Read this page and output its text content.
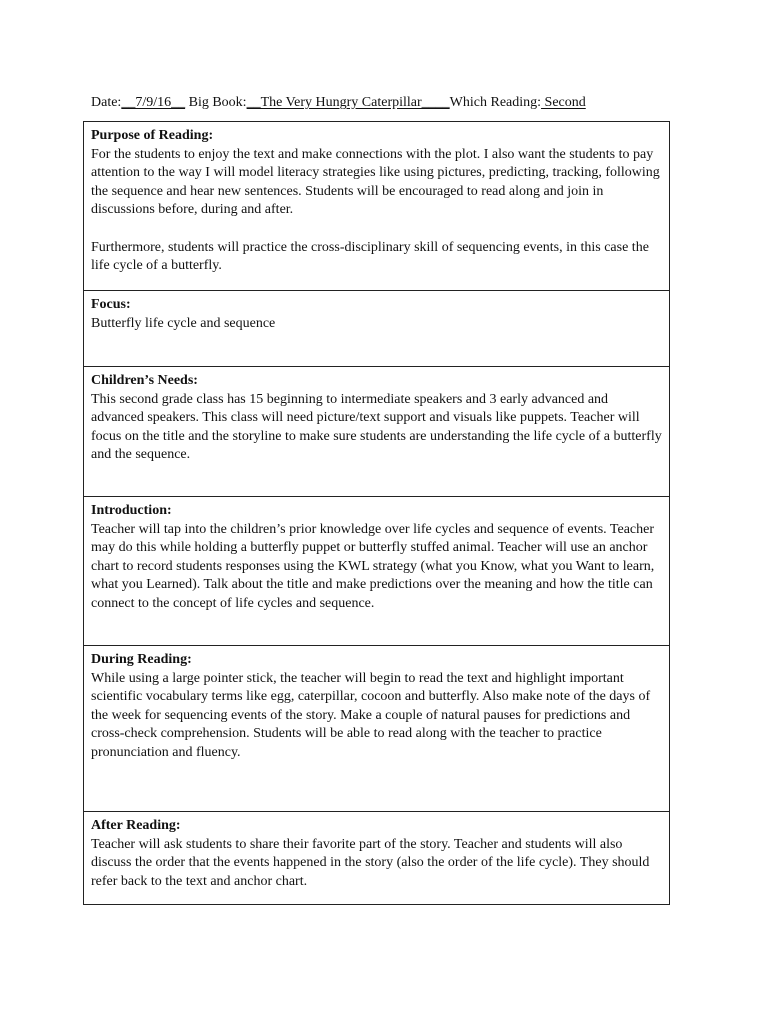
Date:__7/9/16__ Big Book:__The Very Hungry Caterpillar____Which Reading: Second
Purpose of Reading:

For the students to enjoy the text and make connections with the plot. I also want the students to pay attention to the way I will model literacy strategies like using pictures, predicting, tracking, following the sequence and hear new sentences. Students will be encouraged to read along and join in discussions before, during and after.

Furthermore, students will practice the cross-disciplinary skill of sequencing events, in this case the life cycle of a butterfly.

Focus:

Butterfly life cycle and sequence

Children’s Needs:

This second grade class has 15 beginning to intermediate speakers and 3 early advanced and advanced speakers. This class will need picture/text support and visuals like puppets. Teacher will focus on the title and the storyline to make sure students are understanding the life cycle of a butterfly and the sequence.

Introduction:

Teacher will tap into the children’s prior knowledge over life cycles and sequence of events. Teacher may do this while holding a butterfly puppet or butterfly stuffed animal. Teacher will use an anchor chart to record students responses using the KWL strategy (what you Know, what you Want to learn, what you Learned). Talk about the title and make predictions over the meaning and how the title can connect to the concept of life cycles and sequence.

During Reading:

While using a large pointer stick, the teacher will begin to read the text and highlight important scientific vocabulary terms like egg, caterpillar, cocoon and butterfly. Also make note of the days of the week for sequencing events of the story. Make a couple of natural pauses for predictions and cross-check comprehension. Students will be able to read along with the teacher to practice pronunciation and fluency.

After Reading:

Teacher will ask students to share their favorite part of the story. Teacher and students will also discuss the order that the events happened in the story (also the order of the life cycle). They should refer back to the text and anchor chart.
